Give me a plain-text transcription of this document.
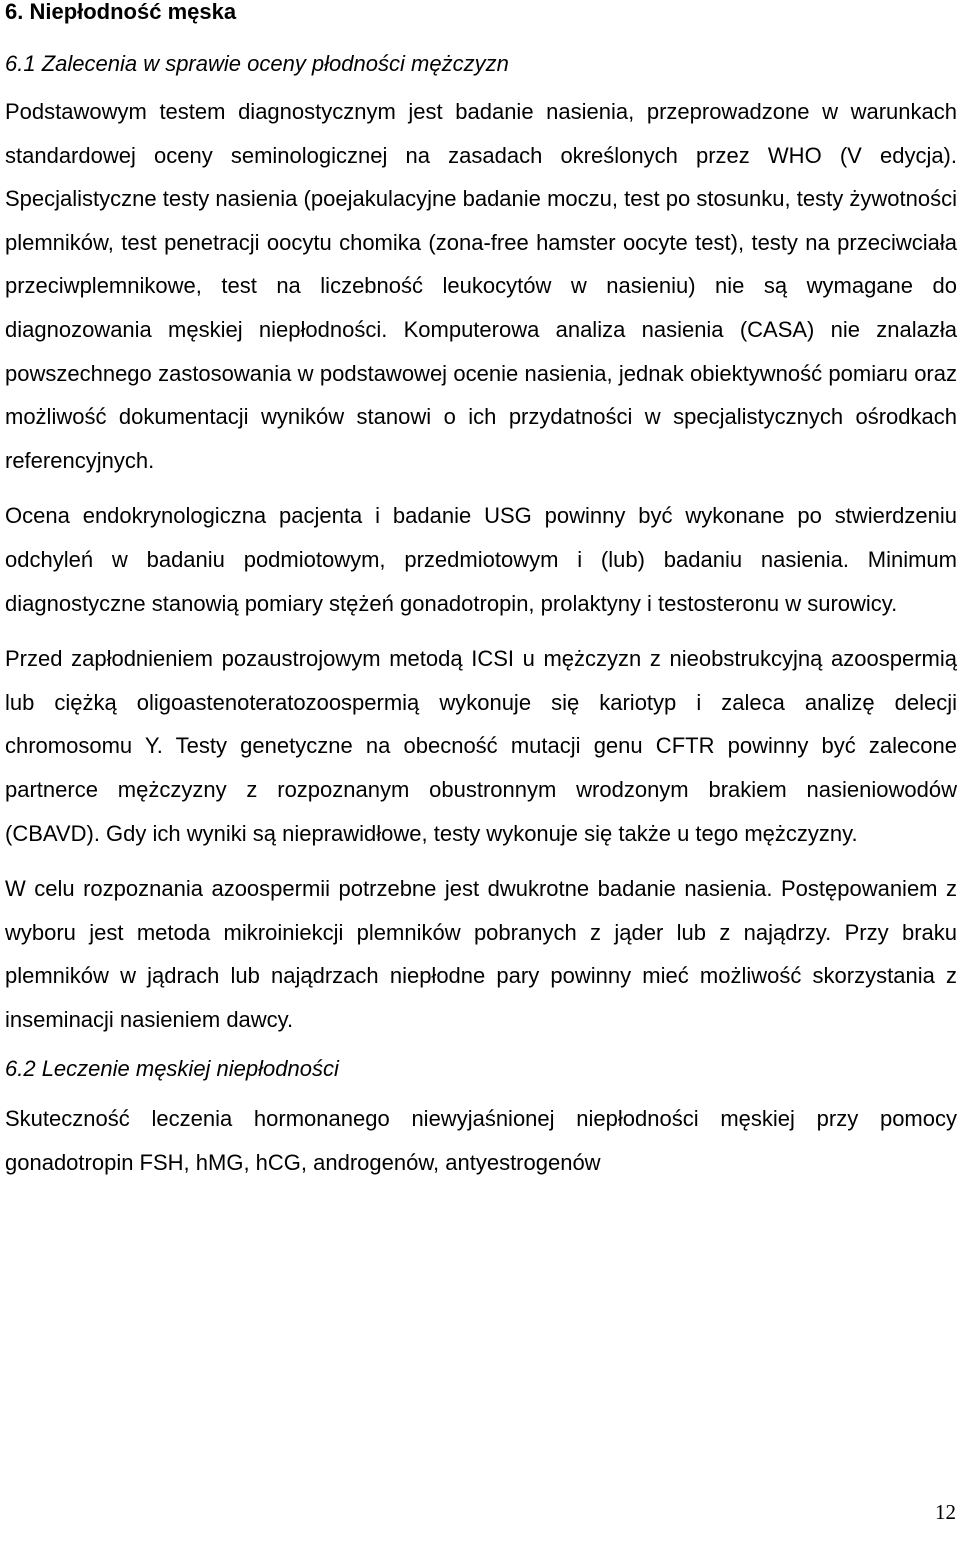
6. Niepłodność męska
6.1 Zalecenia w sprawie oceny płodności mężczyzn

Podstawowym testem diagnostycznym jest badanie nasienia, przeprowadzone w warunkach standardowej oceny seminologicznej na zasadach określonych przez WHO (V edycja). Specjalistyczne testy nasienia (poejakulacyjne badanie moczu, test po stosunku, testy żywotności plemników, test penetracji oocytu chomika (zona-free hamster oocyte test), testy na przeciwciała przeciwplemnikowe, test na liczebność leukocytów w nasieniu) nie są wymagane do diagnozowania męskiej niepłodności. Komputerowa analiza nasienia (CASA) nie znalazła powszechnego zastosowania w podstawowej ocenie nasienia, jednak obiektywność pomiaru oraz możliwość dokumentacji wyników stanowi o ich przydatności w specjalistycznych ośrodkach referencyjnych.

Ocena endokrynologiczna pacjenta i badanie USG powinny być wykonane po stwierdzeniu odchyleń w badaniu podmiotowym, przedmiotowym i (lub) badaniu nasienia. Minimum diagnostyczne stanowią pomiary stężeń gonadotropin, prolaktyny i testosteronu w surowicy.

Przed zapłodnieniem pozaustrojowym metodą ICSI u mężczyzn z nieobstrukcyjną azoospermią lub ciężką oligoastenoteratozoospermią wykonuje się kariotyp i zaleca analizę delecji chromosomu Y. Testy genetyczne na obecność mutacji genu CFTR powinny być zalecone partnerce mężczyzny z rozpoznanym obustronnym wrodzonym brakiem nasieniowodów (CBAVD). Gdy ich wyniki są nieprawidłowe, testy wykonuje się także u tego mężczyzny.

W celu rozpoznania azoospermii potrzebne jest dwukrotne badanie nasienia. Postępowaniem z wyboru jest metoda mikroiniekcji plemników pobranych z jąder lub z najądrzy. Przy braku plemników w jądrach lub najądrzach niepłodne pary powinny mieć możliwość skorzystania z inseminacji nasieniem dawcy.

6.2 Leczenie męskiej niepłodności

Skuteczność leczenia hormonanego niewyjaśnionej niepłodności męskiej przy pomocy gonadotropin FSH, hMG, hCG, androgenów, antyestrogenów

12
